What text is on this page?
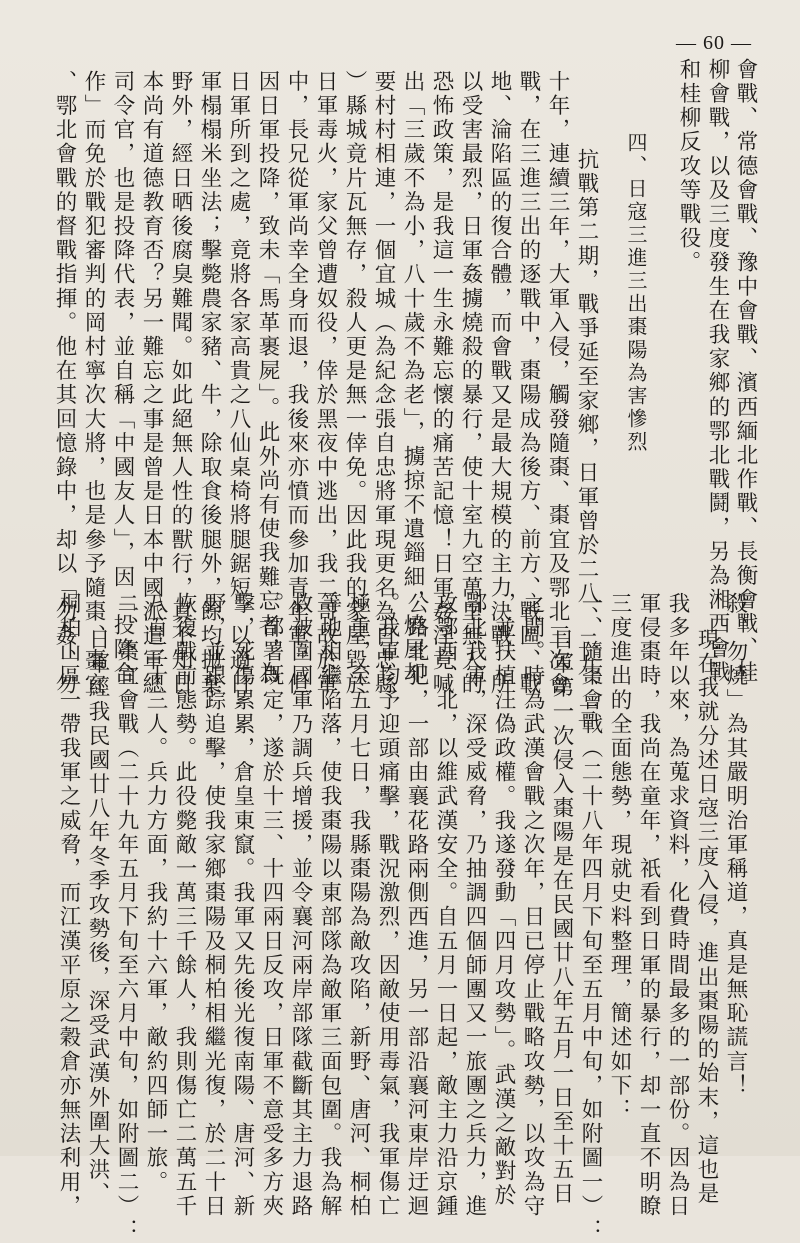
— 60 —
會戰、常德會戰、豫中會戰、濱西緬北作戰、長衡會戰、桂
柳會戰，以及三度發生在我家鄉的鄂北戰鬪，另為湘西會戰
和桂柳反攻等戰役。
四、日寇三進三出棗陽為害慘烈
抗戰第二期，戰爭延至家鄉，日軍曾於二八、二九、三
十年，連續三年，大軍入侵，觸發隨棗、棗宜及鄂北三次會
戰，在三進三出的逐戰中，棗陽成為後方、前方、戰區、戰
地、淪陷區的復合體，而會戰又是最大規模的主力決戰，所
以受害最烈，日軍姦擄燒殺的暴行，使十室九空萬里無人的
恐怖政策，是我這一生永難忘懷的痛苦記憶！日軍姦淫竟喊
出「三歲不為小，八十歲不為老」，擄掠不遺錙細，燒屋却
要村村相連，一個宜城（為紀念張自忠將軍現更名為自忠縣
）縣城竟片瓦無存，殺人更是無一倖免。因此我的家屋毀於
日軍毒火，家父曾遭奴役，倖於黑夜中逃出，我二哥故於軍
中，長兄從軍尚幸全身而退，我後來亦憤而參加青年軍，但
因日軍投降，致未「馬革裹屍」。此外尚有使我難忘者，為
日軍所到之處，竟將各家高貴之八仙桌椅將腿鋸短，以適日
軍榻榻米坐法；擊斃農家豬、牛，除取食後腿外，餘均拋棄
野外，經日晒後腐臭難聞。如此絕無人性的獸行，真不知日
本尚有道德教育否？另一難忘之事是曾是日本中國派遣軍總
司令官，也是投降代表，並自稱「中國友人」，因「投降合
作」而免於戰犯審判的岡村寧次大將，也是參予隨棗、棗宜
、鄂北會戰的督戰指揮。他在其回憶錄中，却以「勿姦、勿
殺、勿燒」為其嚴明治軍稱道，真是無恥謊言！
現在我就分述日寇三度入侵，進出棗陽的始末，這也是
我多年以來，為蒐求資料，化費時間最多的一部份。因為日
軍侵棗時，我尚在童年，祇看到日軍的暴行，却一直不明瞭
三度進出的全面態勢，現就史料整理，簡述如下：
一、隨棗會戰（二十八年四月下旬至五月中旬，如附圖一）：
日軍第一次侵入棗陽是在民國廿八年五月一日至十五日
之間。時為武漢會戰之次年，日已停止戰略攻勢，以攻為守
，並扶植汪偽政權。我遂發動「四月攻勢」。武漢之敵對於
鄂北我軍，深受威脅，乃抽調四個師團又一旅團之兵力，進
攻鄂西、北，以維武漢安全。自五月一日起，敵主力沿京鍾
公路北犯，一部由襄花路兩側西進，另一部沿襄河東岸迂迴
。我軍均予迎頭痛擊，戰況激烈，因敵使用毒氣，我軍傷亡
極重，至五月七日，我縣棗陽為敵攻陷，新野、唐河、桐柏
等地相繼陷落，使我棗陽以東部隊為敵軍三面包圍。我為解
救被圍國軍乃調兵增援，並令襄河兩岸部隊截斷其主力退路
。部署既定，遂於十三、十四兩日反攻，日軍不意受多方夾
擊，死傷累累，倉皇東竄。我軍又先後光復南陽、唐河、新
野，並跟踪追擊，使我家鄉棗陽及桐柏相繼光復，於二十日
恢復戰前態勢。此役斃敵一萬三千餘人，我則傷亡二萬五千
八百三十三人。兵力方面，我約十六軍，敵約四師一旅。
二、棗宜會戰（二十九年五月下旬至六月中旬，如附圖二）：
日軍經我民國廿八年冬季攻勢後，深受武漢外圍大洪、
桐柏山區一帶我軍之威脅，而江漢平原之穀倉亦無法利用，
